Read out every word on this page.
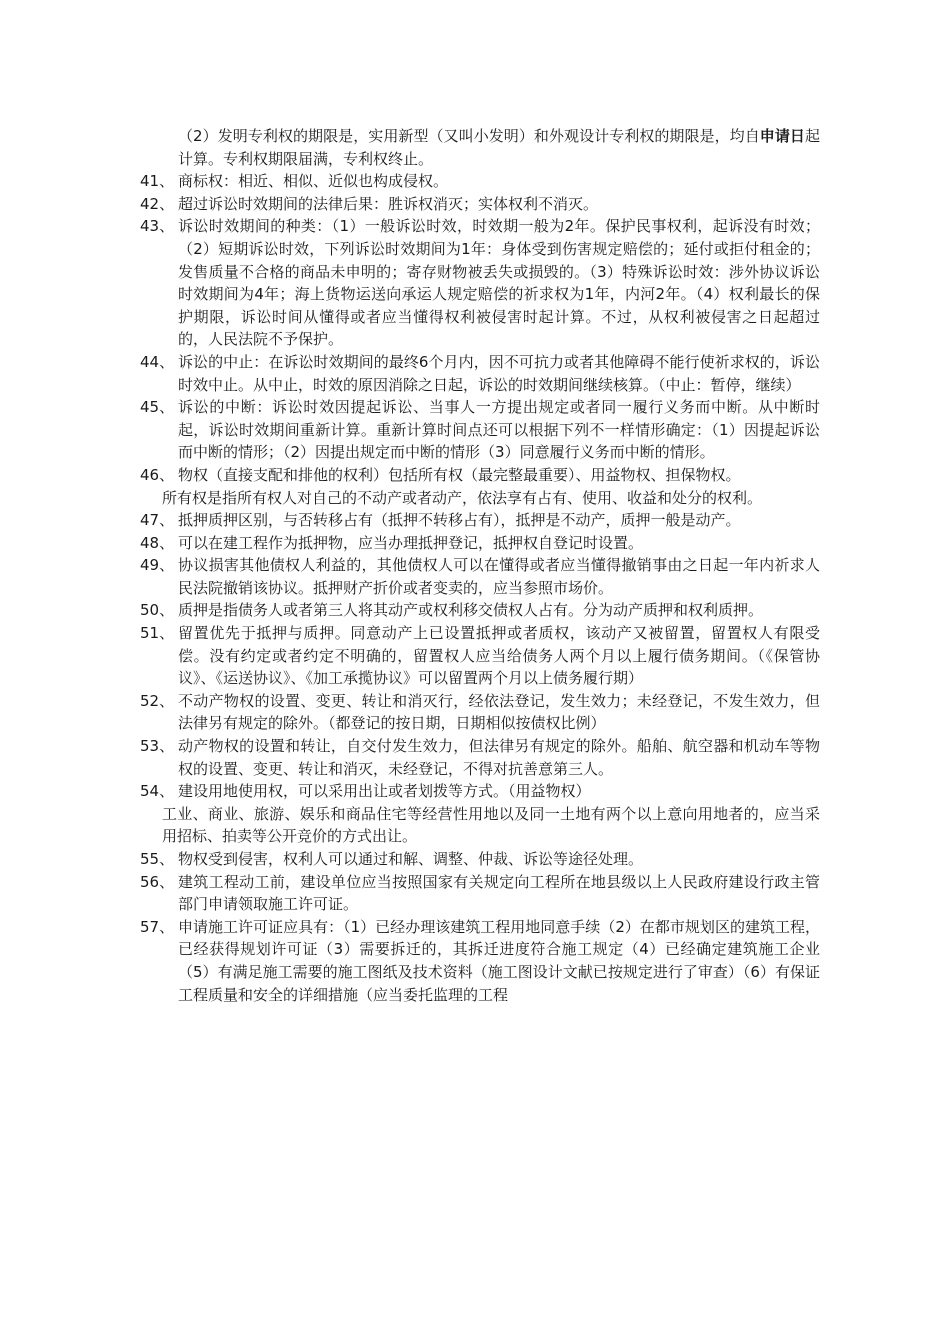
（2）发明专利权的期限是，实用新型（又叫小发明）和外观设计专利权的期限是，均自申请日起计算。专利权期限届满，专利权终止。
41、 商标权：相近、相似、近似也构成侵权。
42、 超过诉讼时效期间的法律后果：胜诉权消灭；实体权利不消灭。
43、 诉讼时效期间的种类：（1）一般诉讼时效，时效期一般为2年。保护民事权利，起诉没有时效；（2）短期诉讼时效，下列诉讼时效期间为1年：身体受到伤害规定赔偿的；延付或拒付租金的；发售质量不合格的商品未申明的；寄存财物被丢失或损毁的。（3）特殊诉讼时效：涉外协议诉讼时效期间为4年；海上货物运送向承运人规定赔偿的祈求权为1年，内河2年。（4）权利最长的保护期限，诉讼时间从懂得或者应当懂得权利被侵害时起计算。不过，从权利被侵害之日起超过的，人民法院不予保护。
44、 诉讼的中止：在诉讼时效期间的最终6个月内，因不可抗力或者其他障碍不能行使祈求权的，诉讼时效中止。从中止，时效的原因消除之日起，诉讼的时效期间继续核算。（中止：暂停，继续）
45、 诉讼的中断：诉讼时效因提起诉讼、当事人一方提出规定或者同一履行义务而中断。从中断时起，诉讼时效期间重新计算。重新计算时间点还可以根据下列不一样情形确定：（1）因提起诉讼而中断的情形；（2）因提出规定而中断的情形（3）同意履行义务而中断的情形。
46、 物权（直接支配和排他的权利）包括所有权（最完整最重要）、用益物权、担保物权。
所有权是指所有权人对自己的不动产或者动产，依法享有占有、使用、收益和处分的权利。
47、 抵押质押区别，与否转移占有（抵押不转移占有），抵押是不动产，质押一般是动产。
48、 可以在建工程作为抵押物，应当办理抵押登记，抵押权自登记时设置。
49、 协议损害其他债权人利益的，其他债权人可以在懂得或者应当懂得撤销事由之日起一年内祈求人民法院撤销该协议。抵押财产折价或者变卖的，应当参照市场价。
50、 质押是指债务人或者第三人将其动产或权利移交债权人占有。分为动产质押和权利质押。
51、 留置优先于抵押与质押。同意动产上已设置抵押或者质权，该动产又被留置，留置权人有限受偿。没有约定或者约定不明确的，留置权人应当给债务人两个月以上履行债务期间。（《保管协议》、《运送协议》、《加工承揽协议》可以留置两个月以上债务履行期）
52、 不动产物权的设置、变更、转让和消灭行，经依法登记，发生效力；未经登记，不发生效力，但法律另有规定的除外。（都登记的按日期，日期相似按债权比例）
53、 动产物权的设置和转让，自交付发生效力，但法律另有规定的除外。船舶、航空器和机动车等物权的设置、变更、转让和消灭，未经登记，不得对抗善意第三人。
54、 建设用地使用权，可以采用出让或者划拨等方式。（用益物权）
工业、商业、旅游、娱乐和商品住宅等经营性用地以及同一土地有两个以上意向用地者的，应当采用招标、拍卖等公开竞价的方式出让。
55、 物权受到侵害，权利人可以通过和解、调整、仲裁、诉讼等途径处理。
56、 建筑工程动工前，建设单位应当按照国家有关规定向工程所在地县级以上人民政府建设行政主管部门申请领取施工许可证。
57、 申请施工许可证应具有：（1）已经办理该建筑工程用地同意手续（2）在都市规划区的建筑工程，已经获得规划许可证（3）需要拆迁的，其拆迁进度符合施工规定（4）已经确定建筑施工企业（5）有满足施工需要的施工图纸及技术资料（施工图设计文献已按规定进行了审查）（6）有保证工程质量和安全的详细措施（应当委托监理的工程
